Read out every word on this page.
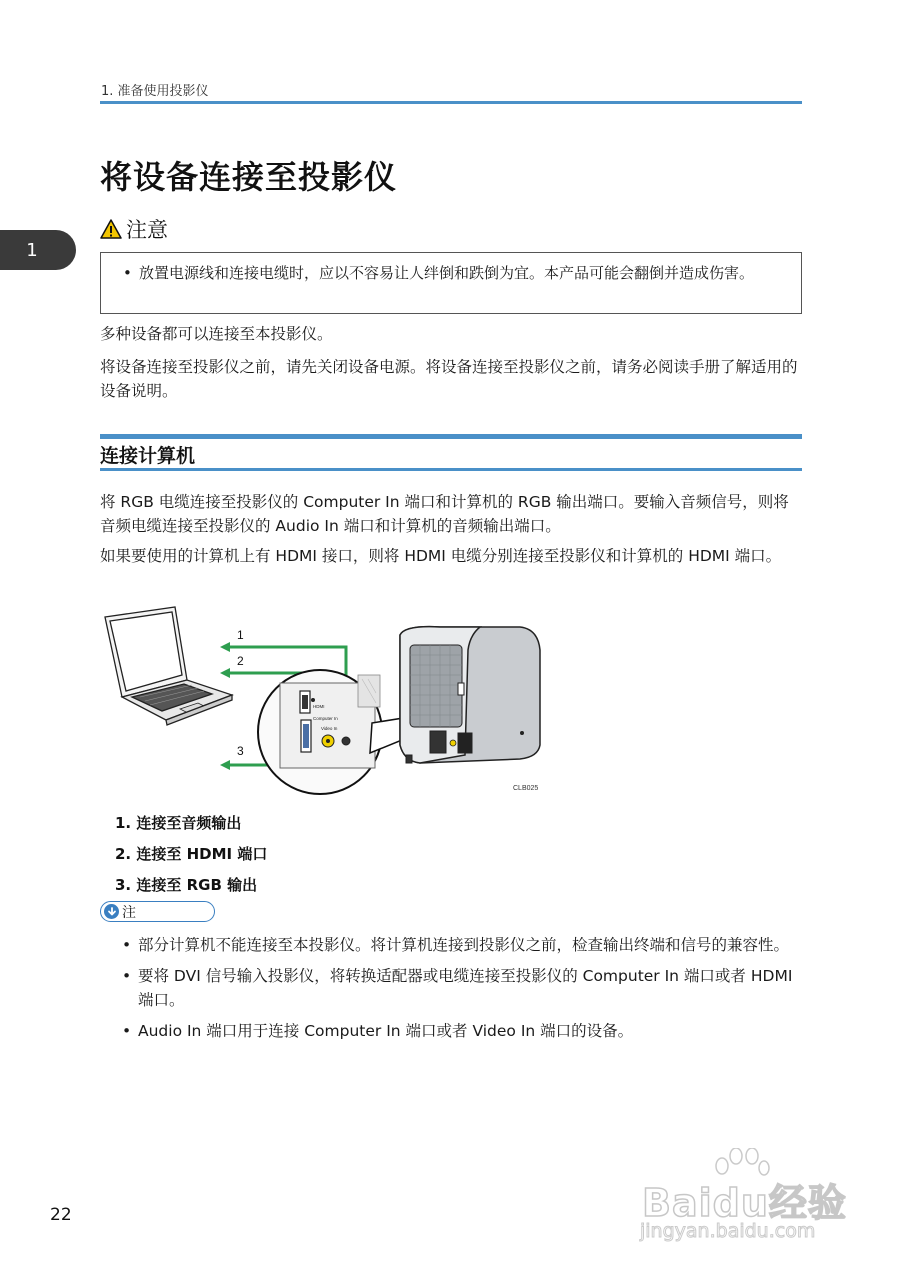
1. 准备使用投影仪
1
将设备连接至投影仪
注意
• 放置电源线和连接电缆时，应以不容易让人绊倒和跌倒为宜。本产品可能会翻倒并造成伤害。

多种设备都可以连接至本投影仪。

将设备连接至投影仪之前，请先关闭设备电源。将设备连接至投影仪之前，请务必阅读手册了解适用的设备说明。

连接计算机

将 RGB 电缆连接至投影仪的 Computer In 端口和计算机的 RGB 输出端口。要输入音频信号，则将音频电缆连接至投影仪的 Audio In 端口和计算机的音频输出端口。

如果要使用的计算机上有 HDMI 接口，则将 HDMI 电缆分别连接至投影仪和计算机的 HDMI 端口。

1
2
3
HDMI
Computer In
Video In
CLB025
1. 连接至音频输出
2. 连接至 HDMI 端口
3. 连接至 RGB 输出
注
• 部分计算机不能连接至本投影仪。将计算机连接到投影仪之前，检查输出终端和信号的兼容性。
• 要将 DVI 信号输入投影仪，将转换适配器或电缆连接至投影仪的 Computer In 端口或者 HDMI 端口。
• Audio In 端口用于连接 Computer In 端口或者 Video In 端口的设备。
22	Baidu经验
jingyan.baidu.com
